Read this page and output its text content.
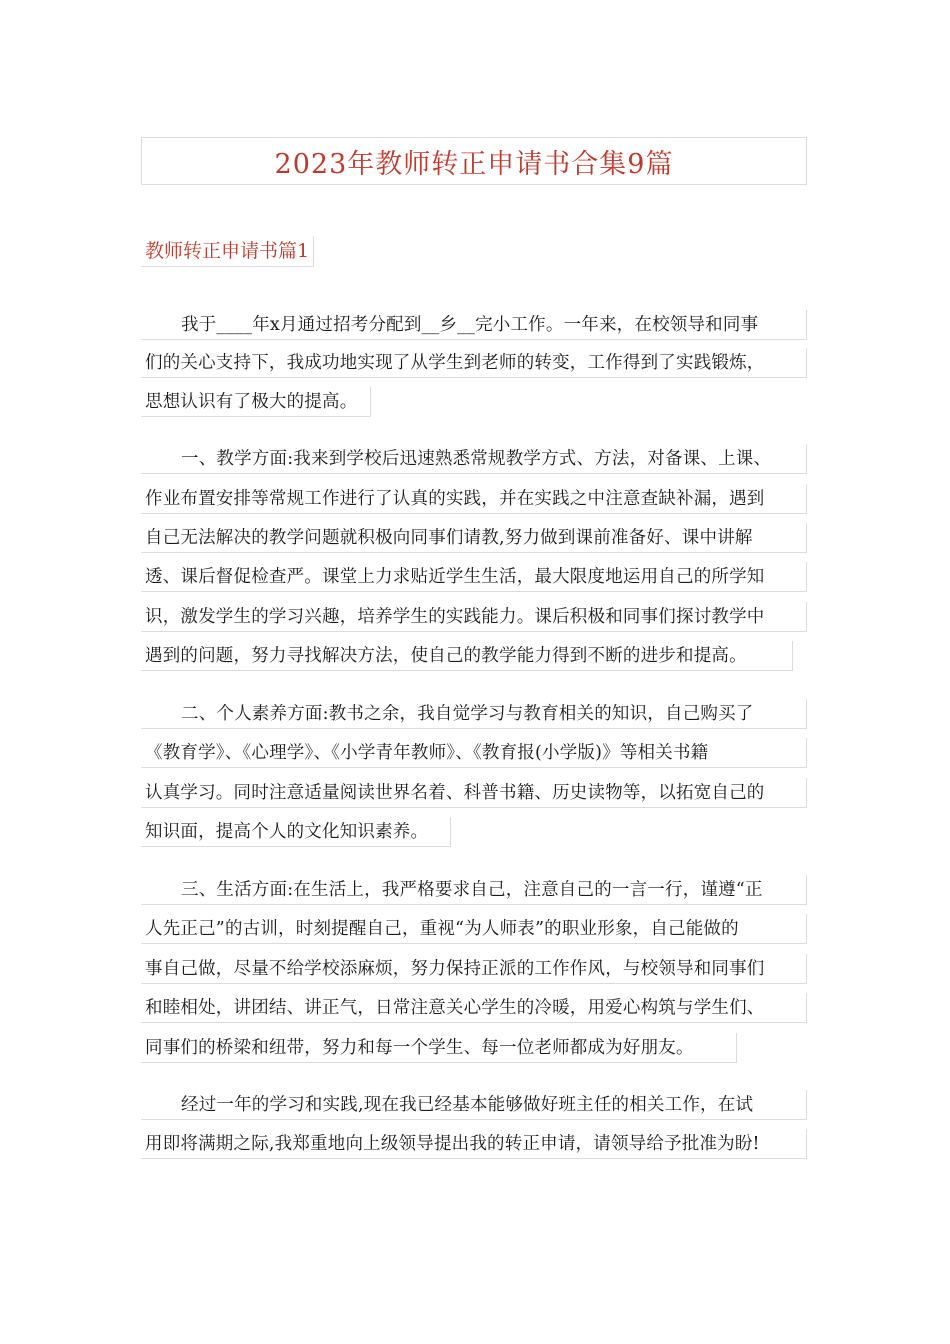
2023年教师转正申请书合集9篇
教师转正申请书篇1
我于____年x月通过招考分配到__乡__完小工作。一年来，在校领导和同事
们的关心支持下，我成功地实现了从学生到老师的转变，工作得到了实践锻炼，
思想认识有了极大的提高。
一、教学方面:我来到学校后迅速熟悉常规教学方式、方法，对备课、上课、
作业布置安排等常规工作进行了认真的实践，并在实践之中注意查缺补漏，遇到
自己无法解决的教学问题就积极向同事们请教,努力做到课前准备好、课中讲解
透、课后督促检查严。课堂上力求贴近学生生活，最大限度地运用自己的所学知
识，激发学生的学习兴趣，培养学生的实践能力。课后积极和同事们探讨教学中
遇到的问题，努力寻找解决方法，使自己的教学能力得到不断的进步和提高。
二、个人素养方面:教书之余，我自觉学习与教育相关的知识，自己购买了
《教育学》、《心理学》、《小学青年教师》、《教育报(小学版)》等相关书籍
认真学习。同时注意适量阅读世界名着、科普书籍、历史读物等，以拓宽自己的
知识面，提高个人的文化知识素养。
三、生活方面:在生活上，我严格要求自己，注意自己的一言一行，谨遵“正
人先正己”的古训，时刻提醒自己，重视“为人师表”的职业形象，自己能做的
事自己做，尽量不给学校添麻烦，努力保持正派的工作作风，与校领导和同事们
和睦相处，讲团结、讲正气，日常注意关心学生的冷暖，用爱心构筑与学生们、
同事们的桥梁和纽带，努力和每一个学生、每一位老师都成为好朋友。
经过一年的学习和实践,现在我已经基本能够做好班主任的相关工作，在试
用即将满期之际,我郑重地向上级领导提出我的转正申请，请领导给予批准为盼!
